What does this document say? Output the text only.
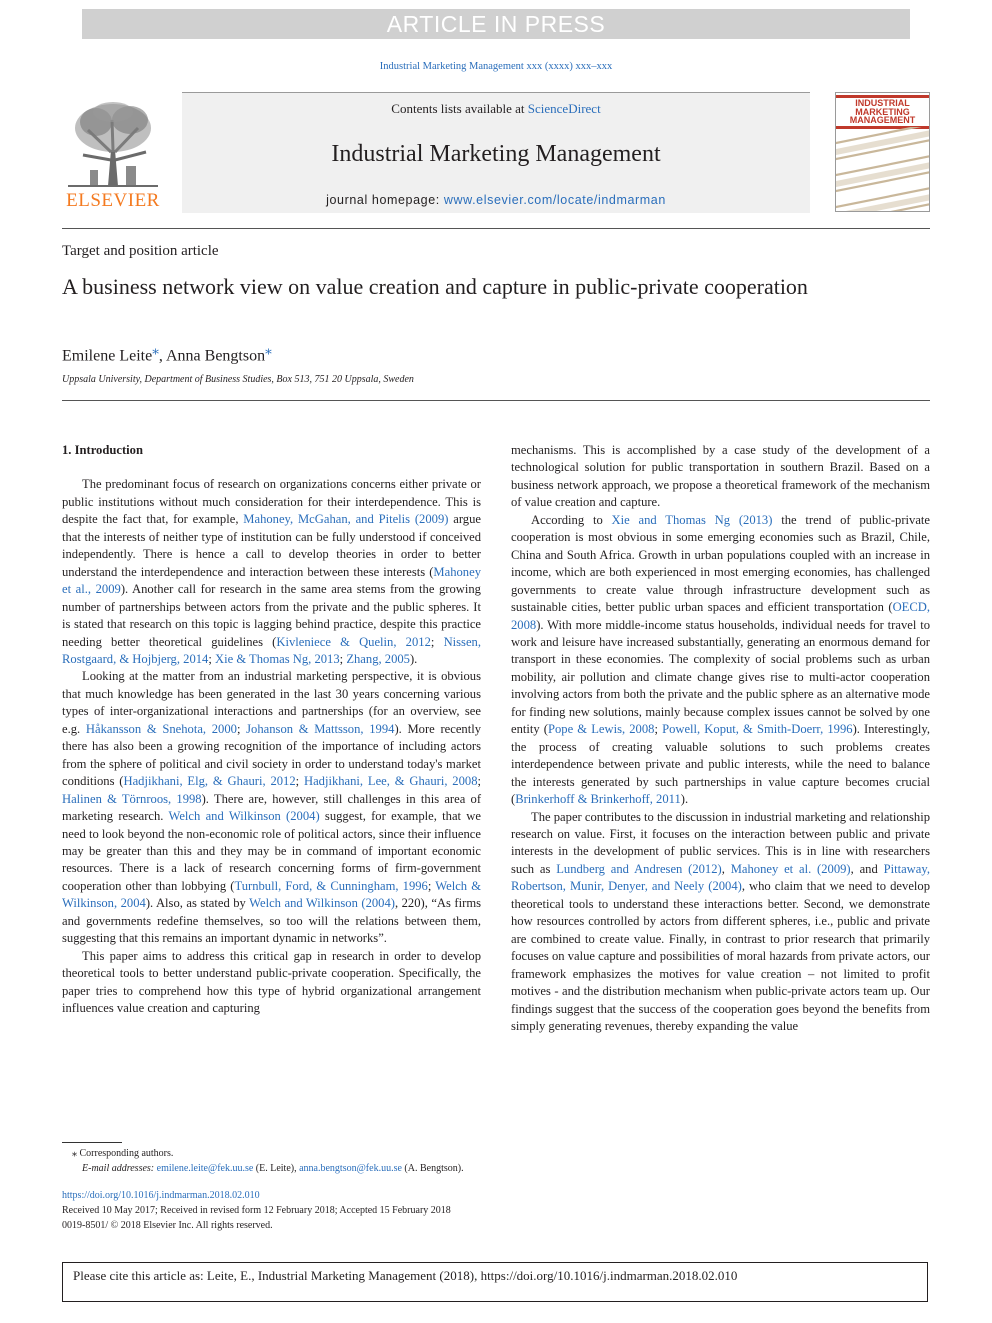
ARTICLE IN PRESS
Industrial Marketing Management xxx (xxxx) xxx–xxx
ELSEVIER
Contents lists available at ScienceDirect
Industrial Marketing Management
journal homepage: www.elsevier.com/locate/indmarman
INDUSTRIAL MARKETING MANAGEMENT
Target and position article
A business network view on value creation and capture in public-private cooperation
Emilene Leite⁎, Anna Bengtson⁎
Uppsala University, Department of Business Studies, Box 513, 751 20 Uppsala, Sweden
1. Introduction

The predominant focus of research on organizations concerns either private or public institutions without much consideration for their interdependence. This is despite the fact that, for example, Mahoney, McGahan, and Pitelis (2009) argue that the interests of neither type of institution can be fully understood if conceived independently. There is hence a call to develop theories in order to better understand the interdependence and interaction between these interests (Mahoney et al., 2009). Another call for research in the same area stems from the growing number of partnerships between actors from the private and the public spheres. It is stated that research on this topic is lagging behind practice, despite this practice needing better theoretical guidelines (Kivleniece & Quelin, 2012; Nissen, Rostgaard, & Hojbjerg, 2014; Xie & Thomas Ng, 2013; Zhang, 2005).

Looking at the matter from an industrial marketing perspective, it is obvious that much knowledge has been generated in the last 30 years concerning various types of inter-organizational interactions and partnerships (for an overview, see e.g. Håkansson & Snehota, 2000; Johanson & Mattsson, 1994). More recently there has also been a growing recognition of the importance of including actors from the sphere of political and civil society in order to understand today's market conditions (Hadjikhani, Elg, & Ghauri, 2012; Hadjikhani, Lee, & Ghauri, 2008; Halinen & Törnroos, 1998). There are, however, still challenges in this area of marketing research. Welch and Wilkinson (2004) suggest, for example, that we need to look beyond the non-economic role of political actors, since their influence may be greater than this and they may be in command of important economic resources. There is a lack of research concerning forms of firm-government cooperation other than lobbying (Turnbull, Ford, & Cunningham, 1996; Welch & Wilkinson, 2004). Also, as stated by Welch and Wilkinson (2004), 220), “As firms and governments redefine themselves, so too will the relations between them, suggesting that this remains an important dynamic in networks”.

This paper aims to address this critical gap in research in order to develop theoretical tools to better understand public-private cooperation. Specifically, the paper tries to comprehend how this type of hybrid organizational arrangement influences value creation and capturing

mechanisms. This is accomplished by a case study of the development of a technological solution for public transportation in southern Brazil. Based on a business network approach, we propose a theoretical framework of the mechanism of value creation and capture.

According to Xie and Thomas Ng (2013) the trend of public-private cooperation is most obvious in some emerging economies such as Brazil, Chile, China and South Africa. Growth in urban populations coupled with an increase in income, which are both experienced in most emerging economies, has challenged governments to create value through infrastructure development such as sustainable cities, better public urban spaces and efficient transportation (OECD, 2008). With more middle-income status households, individual needs for travel to work and leisure have increased substantially, generating an enormous demand for transport in these economies. The complexity of social problems such as urban mobility, air pollution and climate change gives rise to multi-actor cooperation involving actors from both the private and the public sphere as an alternative mode for finding new solutions, mainly because complex issues cannot be solved by one entity (Pope & Lewis, 2008; Powell, Koput, & Smith-Doerr, 1996). Interestingly, the process of creating valuable solutions to such problems creates interdependence between private and public interests, while the need to balance the interests generated by such partnerships in value capture becomes crucial (Brinkerhoff & Brinkerhoff, 2011).

The paper contributes to the discussion in industrial marketing and relationship research on value. First, it focuses on the interaction between public and private interests in the development of public services. This is in line with researchers such as Lundberg and Andresen (2012), Mahoney et al. (2009), and Pittaway, Robertson, Munir, Denyer, and Neely (2004), who claim that we need to develop theoretical tools to understand these interactions better. Second, we demonstrate how resources controlled by actors from different spheres, i.e., public and private are combined to create value. Finally, in contrast to prior research that primarily focuses on value capture and possibilities of moral hazards from private actors, our framework emphasizes the motives for value creation – not limited to profit motives - and the distribution mechanism when public-private actors team up. Our findings suggest that the success of the cooperation goes beyond the benefits from simply generating revenues, thereby expanding the value

⁎ Corresponding authors.
E-mail addresses: emilene.leite@fek.uu.se (E. Leite), anna.bengtson@fek.uu.se (A. Bengtson).
https://doi.org/10.1016/j.indmarman.2018.02.010
Received 10 May 2017; Received in revised form 12 February 2018; Accepted 15 February 2018
0019-8501/ © 2018 Elsevier Inc. All rights reserved.
Please cite this article as: Leite, E., Industrial Marketing Management (2018), https://doi.org/10.1016/j.indmarman.2018.02.010
